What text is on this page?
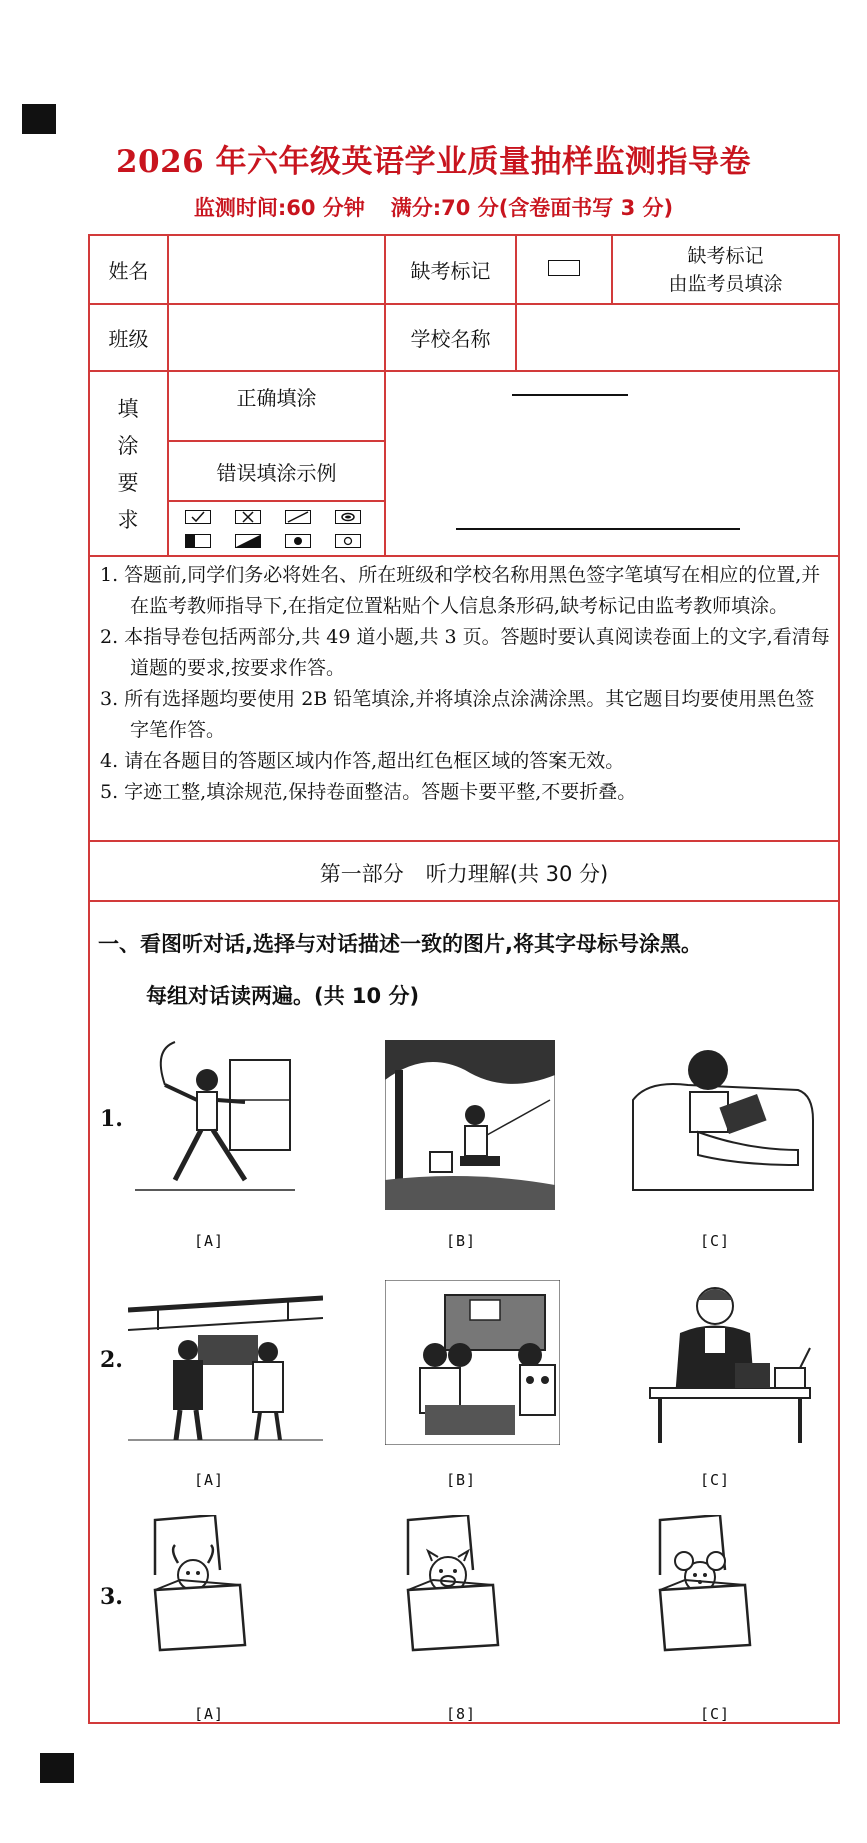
2026 年六年级英语学业质量抽样监测指导卷
监测时间:60 分钟 满分:70 分(含卷面书写 3 分)
姓名	缺考标记
缺考标记
由监考员填涂
班级	学校名称
填
涂
要
求
正确填涂
错误填涂示例
1. 答题前,同学们务必将姓名、所在班级和学校名称用黑色签字笔填写在相应的位置,并在监考教师指导下,在指定位置粘贴个人信息条形码,缺考标记由监考教师填涂。
2. 本指导卷包括两部分,共 49 道小题,共 3 页。答题时要认真阅读卷面上的文字,看清每道题的要求,按要求作答。
3. 所有选择题均要使用 2B 铅笔填涂,并将填涂点涂满涂黑。其它题目均要使用黑色签字笔作答。
4. 请在各题目的答题区域内作答,超出红色框区域的答案无效。
5. 字迹工整,填涂规范,保持卷面整洁。答题卡要平整,不要折叠。
第一部分 听力理解(共 30 分)
一、看图听对话,选择与对话描述一致的图片,将其字母标号涂黑。
每组对话读两遍。(共 10 分)
1.
[A]	[B]	[C]
2.
[A]	[B]	[C]
3.
[A]	[8]	[C]
